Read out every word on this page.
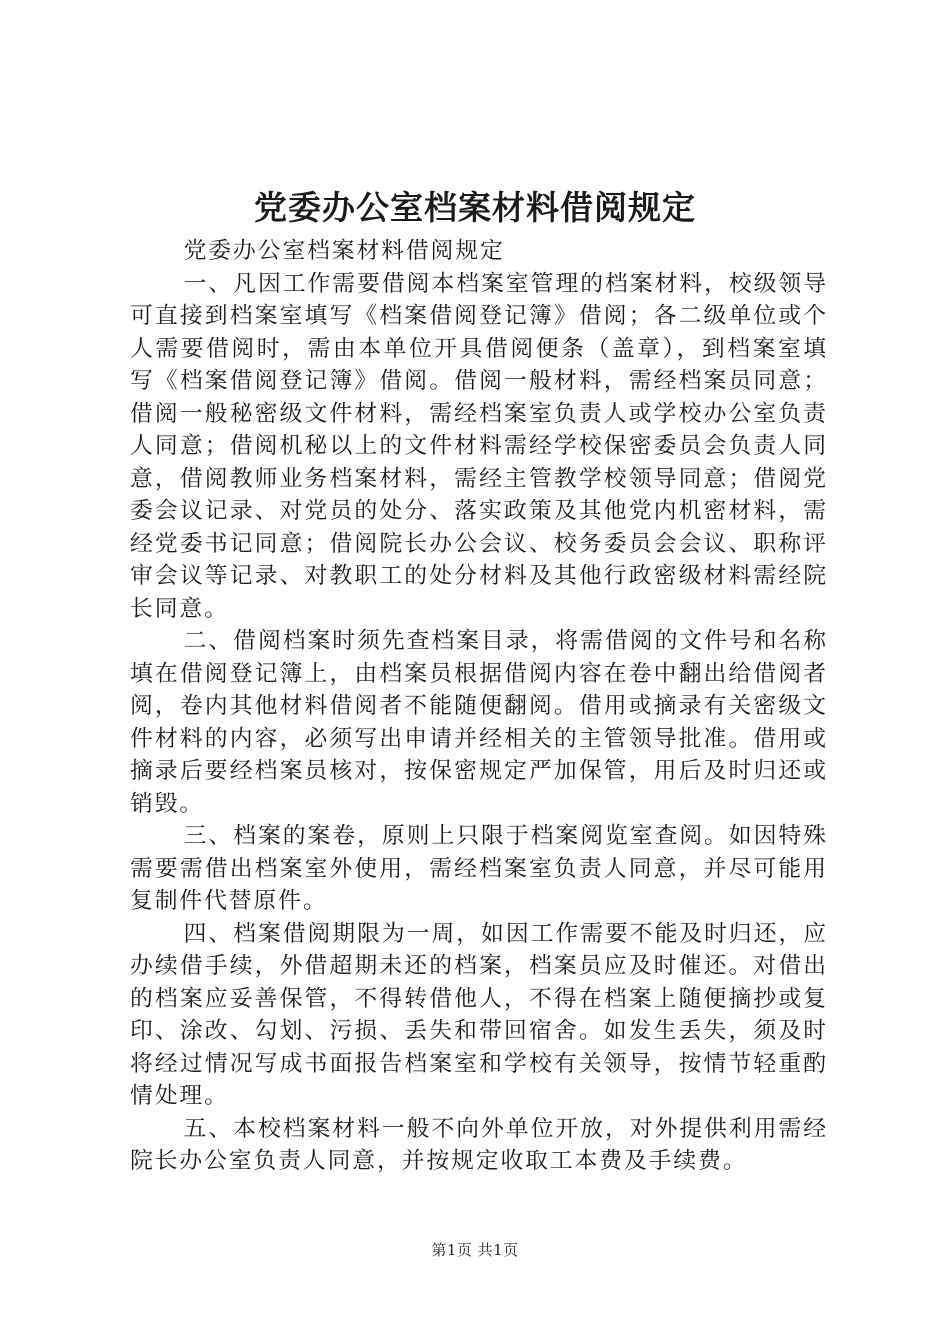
党委办公室档案材料借阅规定

党委办公室档案材料借阅规定

一、凡因工作需要借阅本档案室管理的档案材料，校级领导可直接到档案室填写《档案借阅登记簿》借阅；各二级单位或个人需要借阅时，需由本单位开具借阅便条（盖章），到档案室填写《档案借阅登记簿》借阅。借阅一般材料，需经档案员同意；借阅一般秘密级文件材料，需经档案室负责人或学校办公室负责人同意；借阅机秘以上的文件材料需经学校保密委员会负责人同意，借阅教师业务档案材料，需经主管教学校领导同意；借阅党委会议记录、对党员的处分、落实政策及其他党内机密材料，需经党委书记同意；借阅院长办公会议、校务委员会会议、职称评审会议等记录、对教职工的处分材料及其他行政密级材料需经院长同意。

二、借阅档案时须先查档案目录，将需借阅的文件号和名称填在借阅登记簿上，由档案员根据借阅内容在卷中翻出给借阅者阅，卷内其他材料借阅者不能随便翻阅。借用或摘录有关密级文件材料的内容，必须写出申请并经相关的主管领导批准。借用或摘录后要经档案员核对，按保密规定严加保管，用后及时归还或销毁。

三、档案的案卷，原则上只限于档案阅览室查阅。如因特殊需要需借出档案室外使用，需经档案室负责人同意，并尽可能用复制件代替原件。

四、档案借阅期限为一周，如因工作需要不能及时归还，应办续借手续，外借超期未还的档案，档案员应及时催还。对借出的档案应妥善保管，不得转借他人，不得在档案上随便摘抄或复印、涂改、勾划、污损、丢失和带回宿舍。如发生丢失，须及时将经过情况写成书面报告档案室和学校有关领导，按情节轻重酌情处理。

五、本校档案材料一般不向外单位开放，对外提供利用需经院长办公室负责人同意，并按规定收取工本费及手续费。

第1页 共1页
